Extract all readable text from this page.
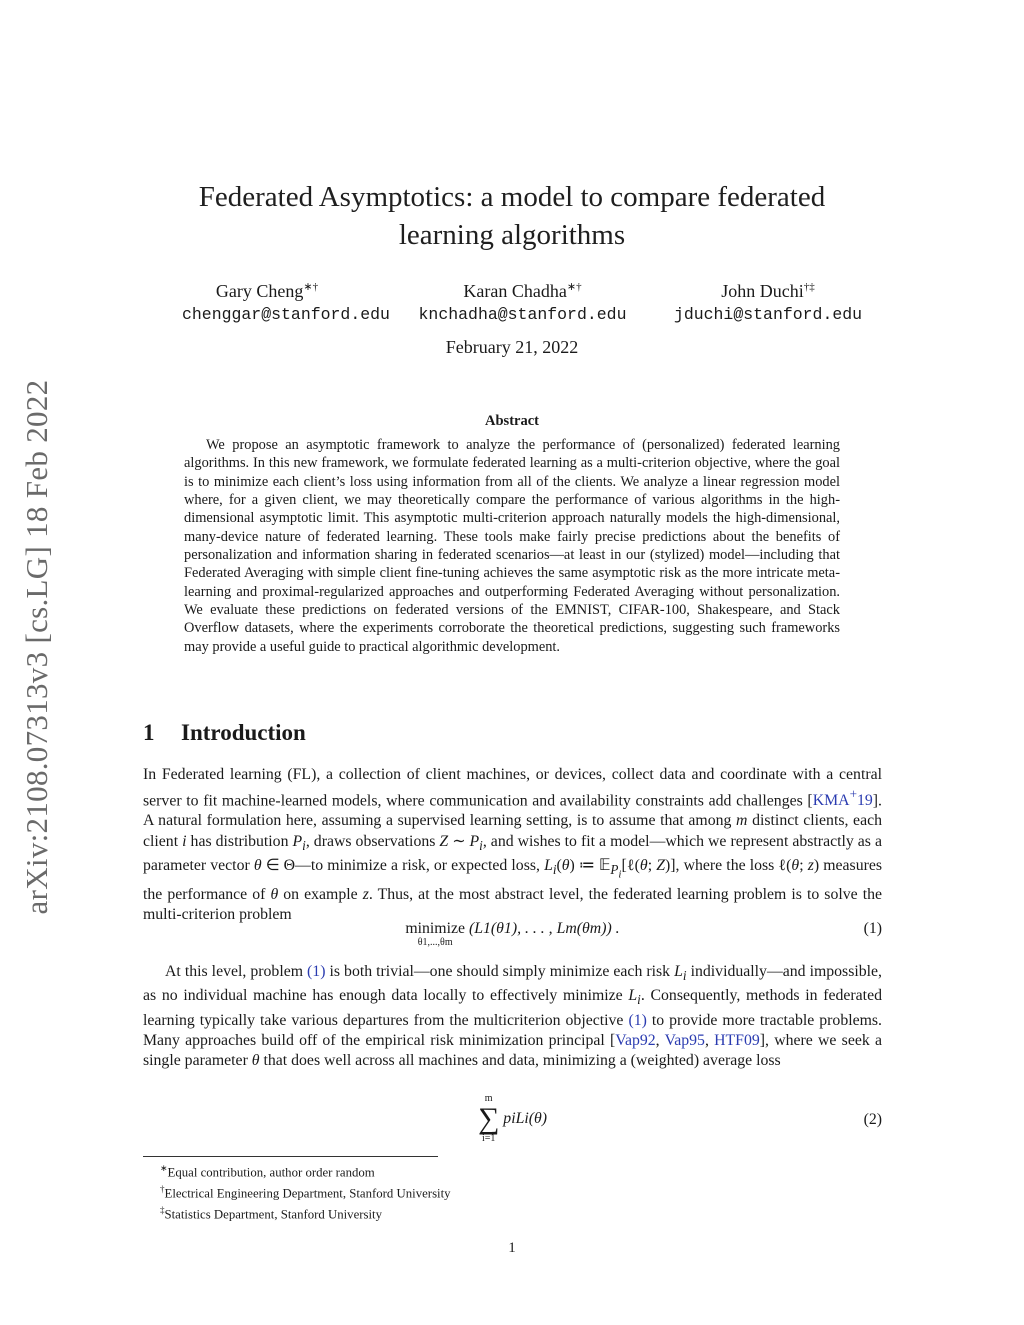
arXiv:2108.07313v3 [cs.LG] 18 Feb 2022
Federated Asymptotics: a model to compare federated
learning algorithms
Gary Cheng∗†
chenggar@stanford.edu
Karan Chadha∗†
knchadha@stanford.edu
John Duchi†‡
jduchi@stanford.edu
February 21, 2022
Abstract

We propose an asymptotic framework to analyze the performance of (personalized) federated learning algorithms. In this new framework, we formulate federated learning as a multi-criterion objective, where the goal is to minimize each client’s loss using information from all of the clients. We analyze a linear regression model where, for a given client, we may theoretically compare the performance of various algorithms in the high-dimensional asymptotic limit. This asymptotic multi-criterion approach naturally models the high-dimensional, many-device nature of federated learning. These tools make fairly precise predictions about the benefits of personalization and information sharing in federated scenarios—at least in our (stylized) model—including that Federated Averaging with simple client fine-tuning achieves the same asymptotic risk as the more intricate meta-learning and proximal-regularized approaches and outperforming Federated Averaging without personalization. We evaluate these predictions on federated versions of the EMNIST, CIFAR-100, Shakespeare, and Stack Overflow datasets, where the experiments corroborate the theoretical predictions, suggesting such frameworks may provide a useful guide to practical algorithmic development.

1 Introduction

In Federated learning (FL), a collection of client machines, or devices, collect data and coordinate with a central server to fit machine-learned models, where communication and availability constraints add challenges [KMA+19]. A natural formulation here, assuming a supervised learning setting, is to assume that among m distinct clients, each client i has distribution $P_i$, draws observations Z ∼ $P_i$, and wishes to fit a model—which we represent abstractly as a parameter vector θ ∈ Θ—to minimize a risk, or expected loss, $L_i(\theta)$ ≔ 𝔼$_{P_i}$[ℓ(θ; Z)], where the loss ℓ(θ; z) measures the performance of θ on example z. Thus, at the most abstract level, the federated learning problem is to solve the multi-criterion problem

minimize
θ1,...,θm
(L1(θ1), . . . , Lm(θm)) .	(1)

At this level, problem (1) is both trivial—one should simply minimize each risk $L_i$ individually—and impossible, as no individual machine has enough data locally to effectively minimize $L_i$. Consequently, methods in federated learning typically take various departures from the multicriterion objective (1) to provide more tractable problems. Many approaches build off of the empirical risk minimization principal [Vap92, Vap95, HTF09], where we seek a single parameter θ that does well across all machines and data, minimizing a (weighted) average loss

m
∑
i=1
piLi(θ)	(2)
∗Equal contribution, author order random
†Electrical Engineering Department, Stanford University
‡Statistics Department, Stanford University
1
